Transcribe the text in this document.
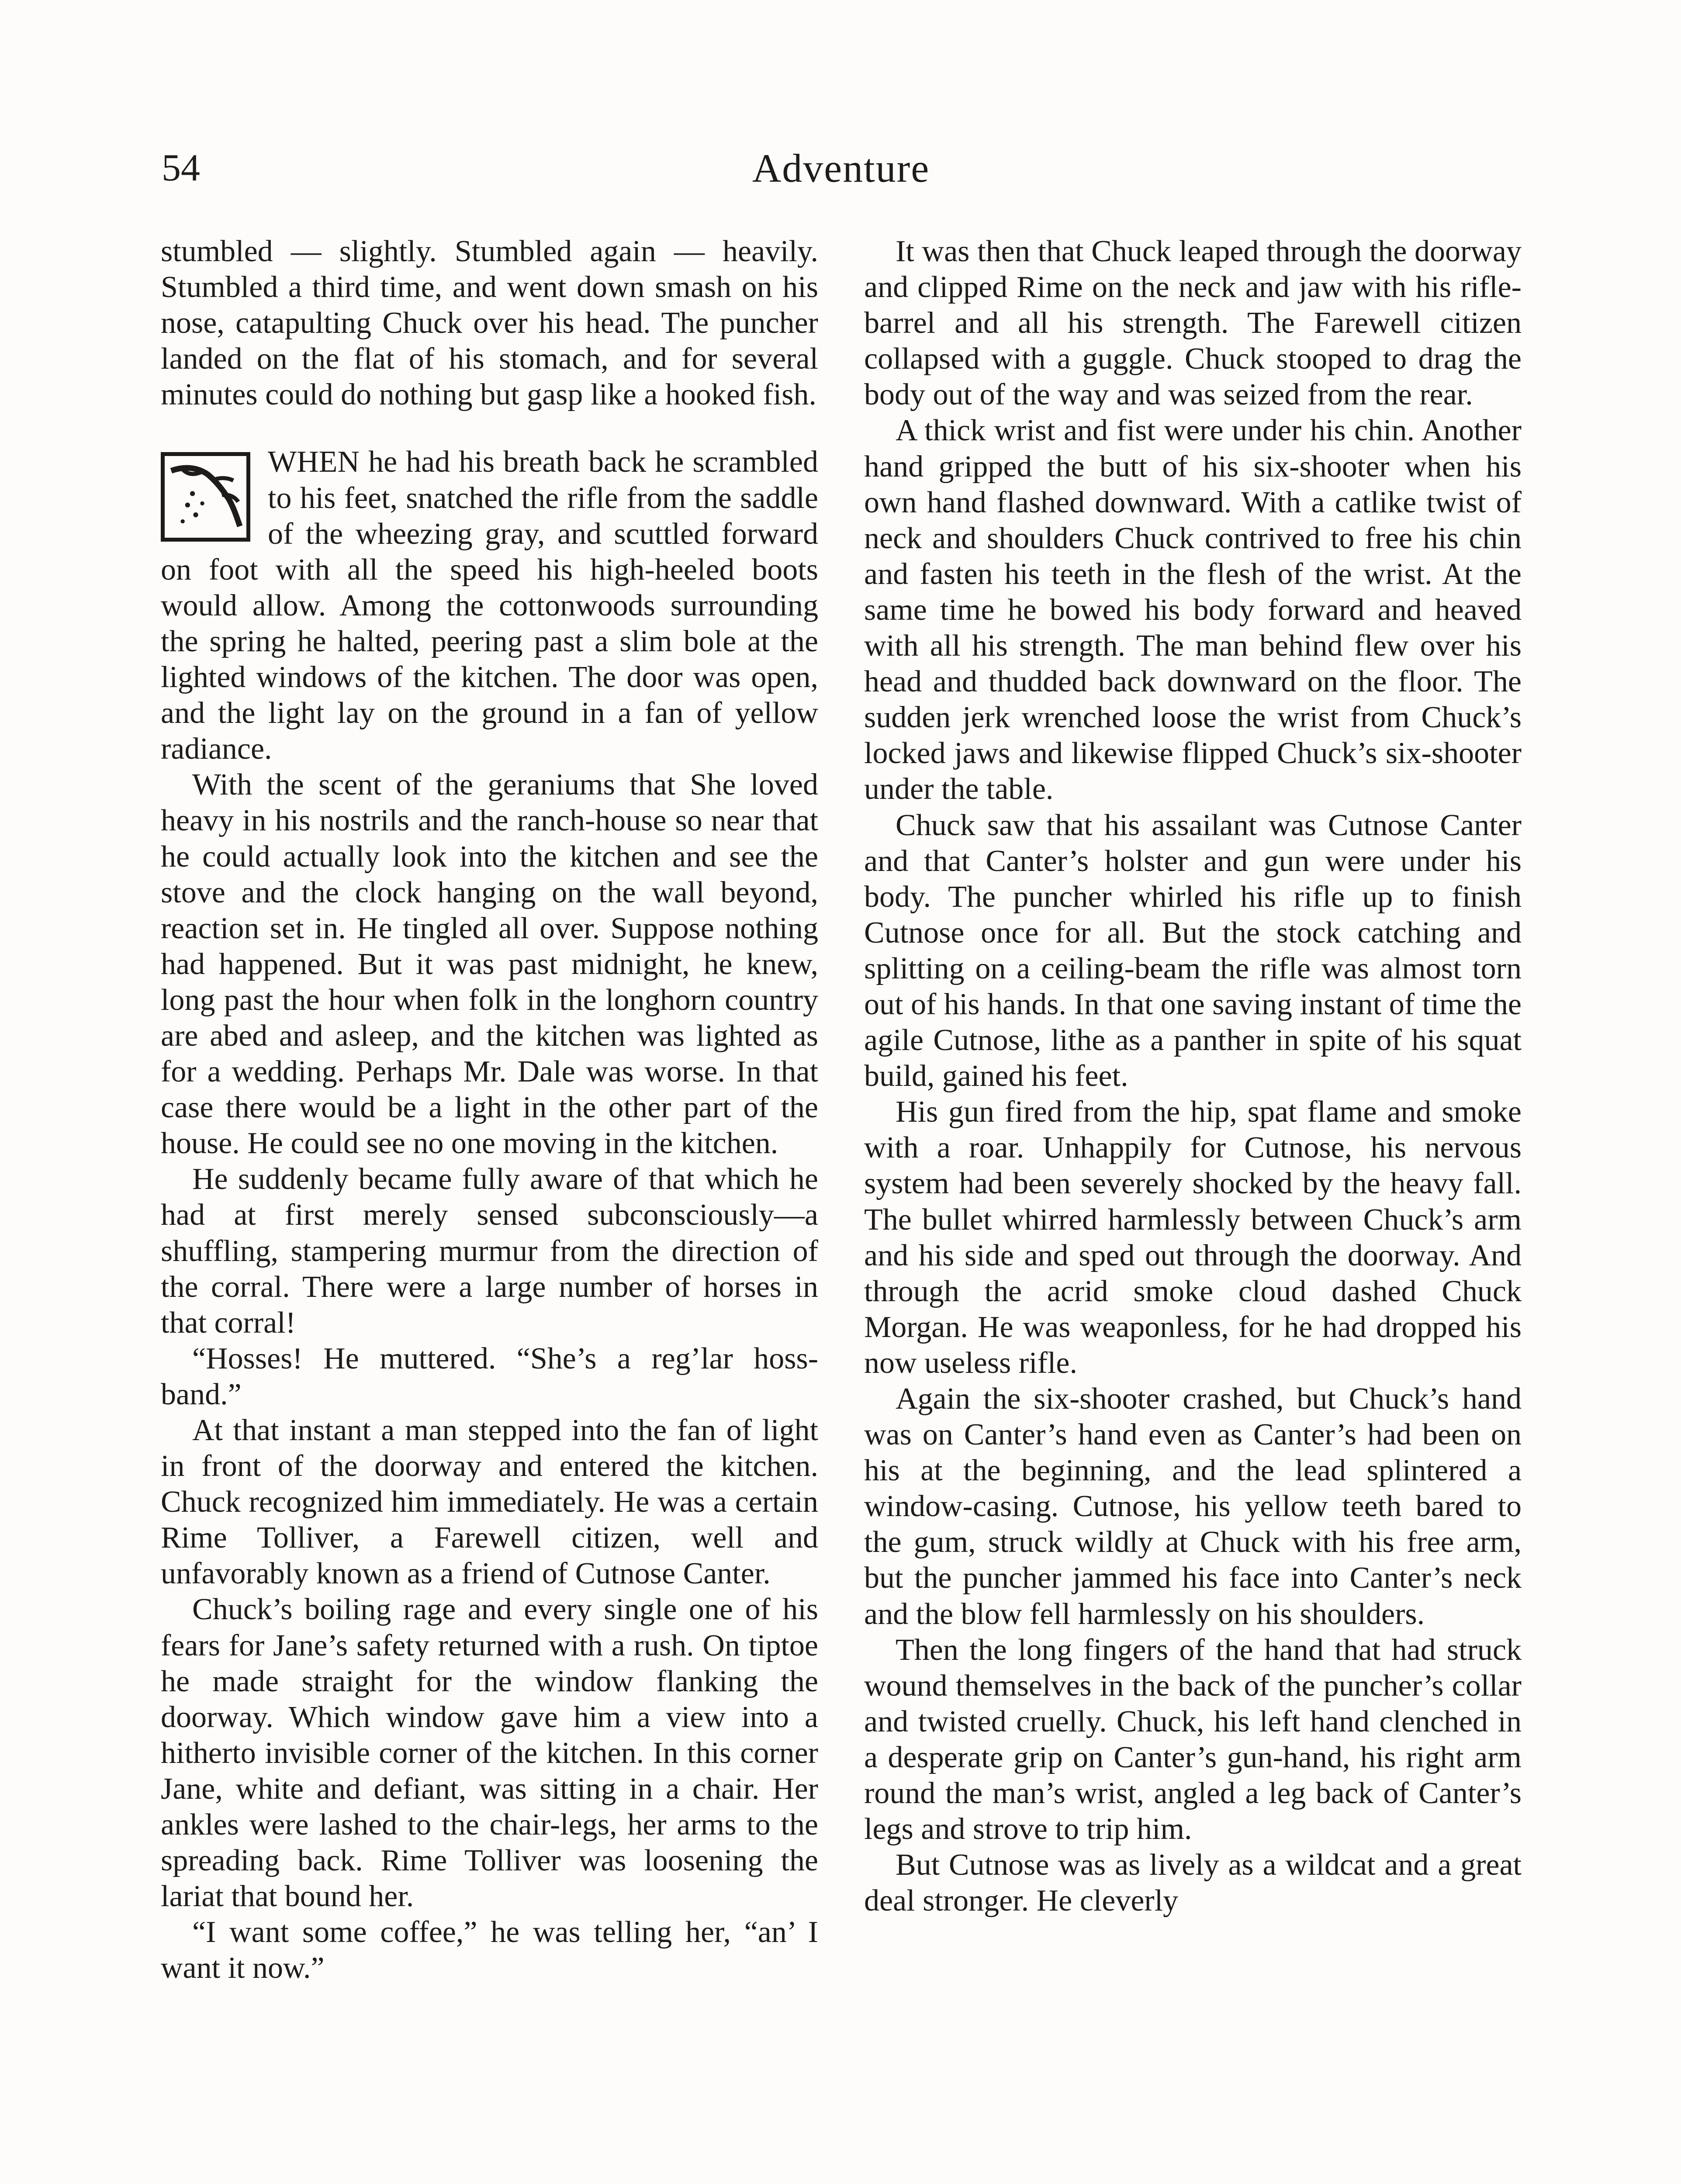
54	Adventure

stumbled — slightly. Stumbled again — heavily. Stumbled a third time, and went down smash on his nose, catapulting Chuck over his head. The puncher landed on the flat of his stomach, and for several minutes could do nothing but gasp like a hooked fish.

WHEN he had his breath back he scrambled to his feet, snatched the rifle from the saddle of the wheezing gray, and scuttled forward on foot with all the speed his high-heeled boots would allow. Among the cottonwoods surrounding the spring he halted, peering past a slim bole at the lighted windows of the kitchen. The door was open, and the light lay on the ground in a fan of yellow radiance.

With the scent of the geraniums that She loved heavy in his nostrils and the ranch-house so near that he could actually look into the kitchen and see the stove and the clock hanging on the wall beyond, reaction set in. He tingled all over. Suppose nothing had happened. But it was past midnight, he knew, long past the hour when folk in the longhorn country are abed and asleep, and the kitchen was lighted as for a wedding. Perhaps Mr. Dale was worse. In that case there would be a light in the other part of the house. He could see no one moving in the kitchen.

He suddenly became fully aware of that which he had at first merely sensed subconsciously—a shuffling, stampering murmur from the direction of the corral. There were a large number of horses in that corral!

“Hosses! He muttered. “She’s a reg’lar hoss-band.”

At that instant a man stepped into the fan of light in front of the doorway and entered the kitchen. Chuck recognized him immediately. He was a certain Rime Tolliver, a Farewell citizen, well and unfavorably known as a friend of Cutnose Canter.

Chuck’s boiling rage and every single one of his fears for Jane’s safety returned with a rush. On tiptoe he made straight for the window flanking the doorway. Which window gave him a view into a hitherto invisible corner of the kitchen. In this corner Jane, white and defiant, was sitting in a chair. Her ankles were lashed to the chair-legs, her arms to the spreading back. Rime Tolliver was loosening the lariat that bound her.

“I want some coffee,” he was telling her, “an’ I want it now.”

It was then that Chuck leaped through the doorway and clipped Rime on the neck and jaw with his rifle-barrel and all his strength. The Farewell citizen collapsed with a guggle. Chuck stooped to drag the body out of the way and was seized from the rear.

A thick wrist and fist were under his chin. Another hand gripped the butt of his six-shooter when his own hand flashed downward. With a catlike twist of neck and shoulders Chuck contrived to free his chin and fasten his teeth in the flesh of the wrist. At the same time he bowed his body forward and heaved with all his strength. The man behind flew over his head and thudded back downward on the floor. The sudden jerk wrenched loose the wrist from Chuck’s locked jaws and likewise flipped Chuck’s six-shooter under the table.

Chuck saw that his assailant was Cutnose Canter and that Canter’s holster and gun were under his body. The puncher whirled his rifle up to finish Cutnose once for all. But the stock catching and splitting on a ceiling-beam the rifle was almost torn out of his hands. In that one saving instant of time the agile Cutnose, lithe as a panther in spite of his squat build, gained his feet.

His gun fired from the hip, spat flame and smoke with a roar. Unhappily for Cutnose, his nervous system had been severely shocked by the heavy fall. The bullet whirred harmlessly between Chuck’s arm and his side and sped out through the doorway. And through the acrid smoke cloud dashed Chuck Morgan. He was weaponless, for he had dropped his now useless rifle.

Again the six-shooter crashed, but Chuck’s hand was on Canter’s hand even as Canter’s had been on his at the beginning, and the lead splintered a window-casing. Cutnose, his yellow teeth bared to the gum, struck wildly at Chuck with his free arm, but the puncher jammed his face into Canter’s neck and the blow fell harmlessly on his shoulders.

Then the long fingers of the hand that had struck wound themselves in the back of the puncher’s collar and twisted cruelly. Chuck, his left hand clenched in a desperate grip on Canter’s gun-hand, his right arm round the man’s wrist, angled a leg back of Canter’s legs and strove to trip him.

But Cutnose was as lively as a wildcat and a great deal stronger. He cleverly
